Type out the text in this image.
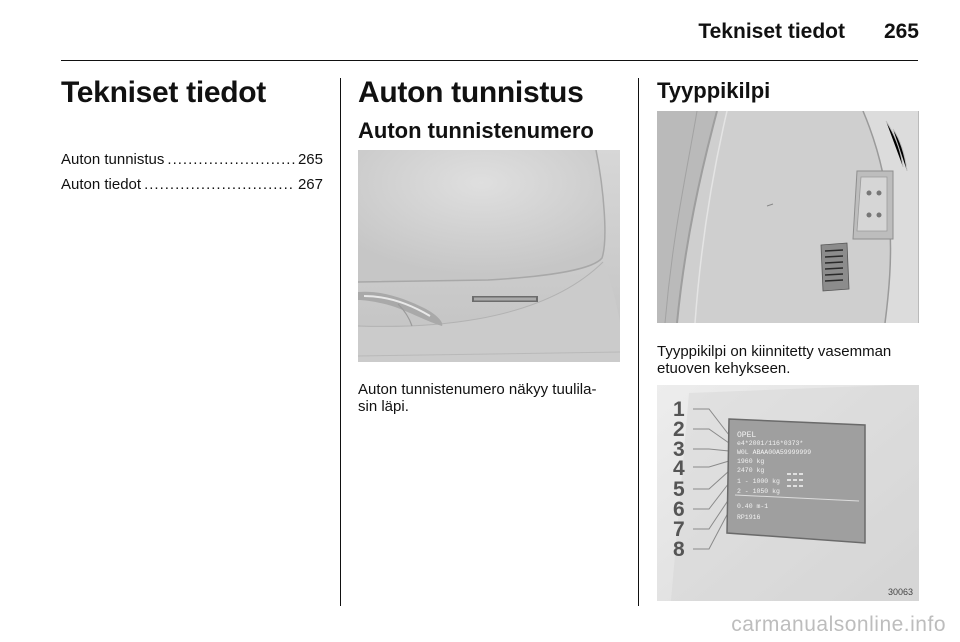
Tekniset tiedot 265
Tekniset tiedot
Auton tunnistus .....	265
Auton tiedot .....	267
Auton tunnistus
Auton tunnistenumero
Auton tunnistenumero näkyy tuulila-
sin läpi.
Tyyppikilpi
Tyyppikilpi on kiinnitetty vasemman
etuoven kehykseen.
1
2
3
4
5
6
7
8
OPEL
e4*2001/116*0373*
W0L ABAA00A59999999
1960 kg
2470 kg
1 - 1000 kg
2 - 1050 kg
0.40 m-1
RP1916
30063
carmanualsonline.info
